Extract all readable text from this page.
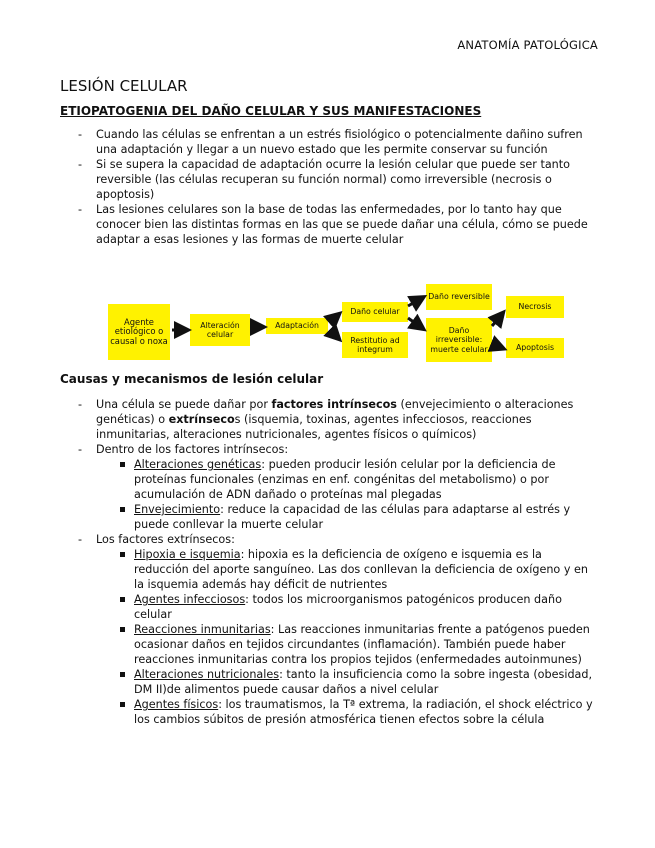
ANATOMÍA PATOLÓGICA
LESIÓN CELULAR
ETIOPATOGENIA DEL DAÑO CELULAR Y SUS MANIFESTACIONES
- Cuando las células se enfrentan a un estrés fisiológico o potencialmente dañino sufren una adaptación y llegar a un nuevo estado que les permite conservar su función
- Si se supera la capacidad de adaptación ocurre la lesión celular que puede ser tanto reversible (las células recuperan su función normal) como irreversible (necrosis o apoptosis)
- Las lesiones celulares son la base de todas las enfermedades, por lo tanto hay que conocer bien las distintas formas en las que se puede dañar una célula, cómo se puede adaptar a esas lesiones y las formas de muerte celular
Agente etiológico o causal o noxa
Alteración celular
Adaptación
Daño celular
Restitutio ad integrum
Daño reversible
Daño irreversible: muerte celular
Necrosis
Apoptosis
Causas y mecanismos de lesión celular
- Una célula se puede dañar por factores intrínsecos (envejecimiento o alteraciones genéticas) o extrínsecos (isquemia, toxinas, agentes infecciosos, reacciones inmunitarias, alteraciones nutricionales, agentes físicos o químicos)
- Dentro de los factores intrínsecos:
Alteraciones genéticas: pueden producir lesión celular por la deficiencia de proteínas funcionales (enzimas en enf. congénitas del metabolismo) o por acumulación de ADN dañado o proteínas mal plegadas
Envejecimiento: reduce la capacidad de las células para adaptarse al estrés y puede conllevar la muerte celular
- Los factores extrínsecos:
Hipoxia e isquemia: hipoxia es la deficiencia de oxígeno e isquemia es la reducción del aporte sanguíneo. Las dos conllevan la deficiencia de oxígeno y en la isquemia además hay déficit de nutrientes
Agentes infecciosos: todos los microorganismos patogénicos producen daño celular
Reacciones inmunitarias: Las reacciones inmunitarias frente a patógenos pueden ocasionar daños en tejidos circundantes (inflamación). También puede haber reacciones inmunitarias contra los propios tejidos (enfermedades autoinmunes)
Alteraciones nutricionales: tanto la insuficiencia como la sobre ingesta (obesidad, DM II)de alimentos puede causar daños a nivel celular
Agentes físicos: los traumatismos, la Tª extrema, la radiación, el shock eléctrico y los cambios súbitos de presión atmosférica tienen efectos sobre la célula
